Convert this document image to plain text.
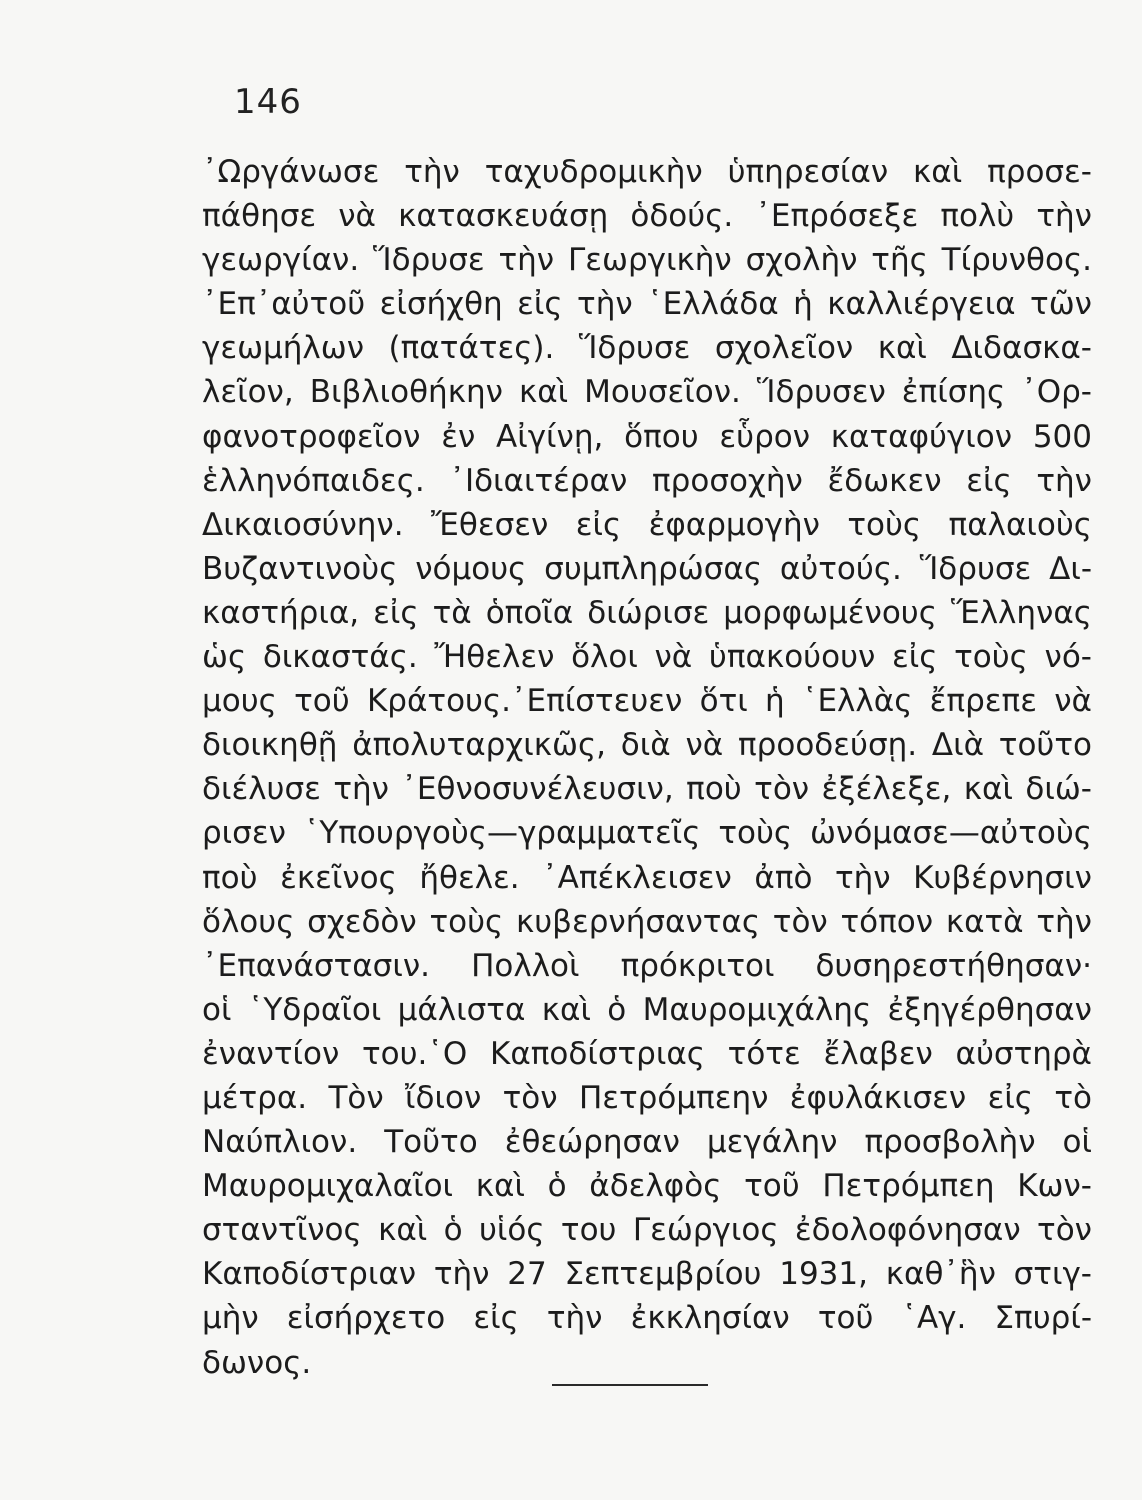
146
᾿Ωργάνωσε τὴν ταχυδρομικὴν ὑπηρεσίαν καὶ προσε-
πάθησε νὰ κατασκευάσῃ ὁδούς. ᾿Επρόσεξε πολὺ τὴν
γεωργίαν. Ἵδρυσε τὴν Γεωργικὴν σχολὴν τῆς Τίρυνθος.
᾿Επ᾿αὐτοῦ εἰσήχθη εἰς τὴν ῾Ελλάδα ἡ καλλιέργεια τῶν
γεωμήλων (πατάτες). Ἵδρυσε σχολεῖον καὶ Διδασκα-
λεῖον, Βιβλιοθήκην καὶ Μουσεῖον. Ἵδρυσεν ἐπίσης ᾿Ορ-
φανοτροφεῖον ἐν Αἰγίνῃ, ὅπου εὗρον καταφύγιον 500
ἑλληνόπαιδες. ᾿Ιδιαιτέραν προσοχὴν ἔδωκεν εἰς τὴν
Δικαιοσύνην. Ἔθεσεν εἰς ἐφαρμογὴν τοὺς παλαιοὺς
Βυζαντινοὺς νόμους συμπληρώσας αὐτούς. Ἵδρυσε Δι-
καστήρια, εἰς τὰ ὁποῖα διώρισε μορφωμένους Ἕλληνας
ὡς δικαστάς. Ἤθελεν ὅλοι νὰ ὑπακούουν εἰς τοὺς νό-
μους τοῦ Κράτους.᾿Επίστευεν ὅτι ἡ ῾Ελλὰς ἔπρεπε νὰ
διοικηθῇ ἀπολυταρχικῶς, διὰ νὰ προοδεύσῃ. Διὰ τοῦτο
διέλυσε τὴν ᾿Εθνοσυνέλευσιν, ποὺ τὸν ἐξέλεξε, καὶ διώ-
ρισεν ῾Υπουργοὺς—γραμματεῖς τοὺς ὠνόμασε—αὐτοὺς
ποὺ ἐκεῖνος ἤθελε. ᾿Απέκλεισεν ἀπὸ τὴν Κυβέρνησιν
ὅλους σχεδὸν τοὺς κυβερνήσαντας τὸν τόπον κατὰ τὴν
᾿Επανάστασιν. Πολλοὶ πρόκριτοι δυσηρεστήθησαν·
οἱ ῾Υδραῖοι μάλιστα καὶ ὁ Μαυρομιχάλης ἐξηγέρθησαν
ἐναντίον του.῾Ο Καποδίστριας τότε ἔλαβεν αὐστηρὰ
μέτρα. Τὸν ἴδιον τὸν Πετρόμπεην ἐφυλάκισεν εἰς τὸ
Ναύπλιον. Τοῦτο ἐθεώρησαν μεγάλην προσβολὴν οἱ
Μαυρομιχαλαῖοι καὶ ὁ ἀδελφὸς τοῦ Πετρόμπεη Κων-
σταντῖνος καὶ ὁ υἱός του Γεώργιος ἐδολοφόνησαν τὸν
Καποδίστριαν τὴν 27 Σεπτεμβρίου 1931, καθ᾿ἣν στιγ-
μὴν εἰσήρχετο εἰς τὴν ἐκκλησίαν τοῦ ῾Αγ. Σπυρί-
δωνος.
